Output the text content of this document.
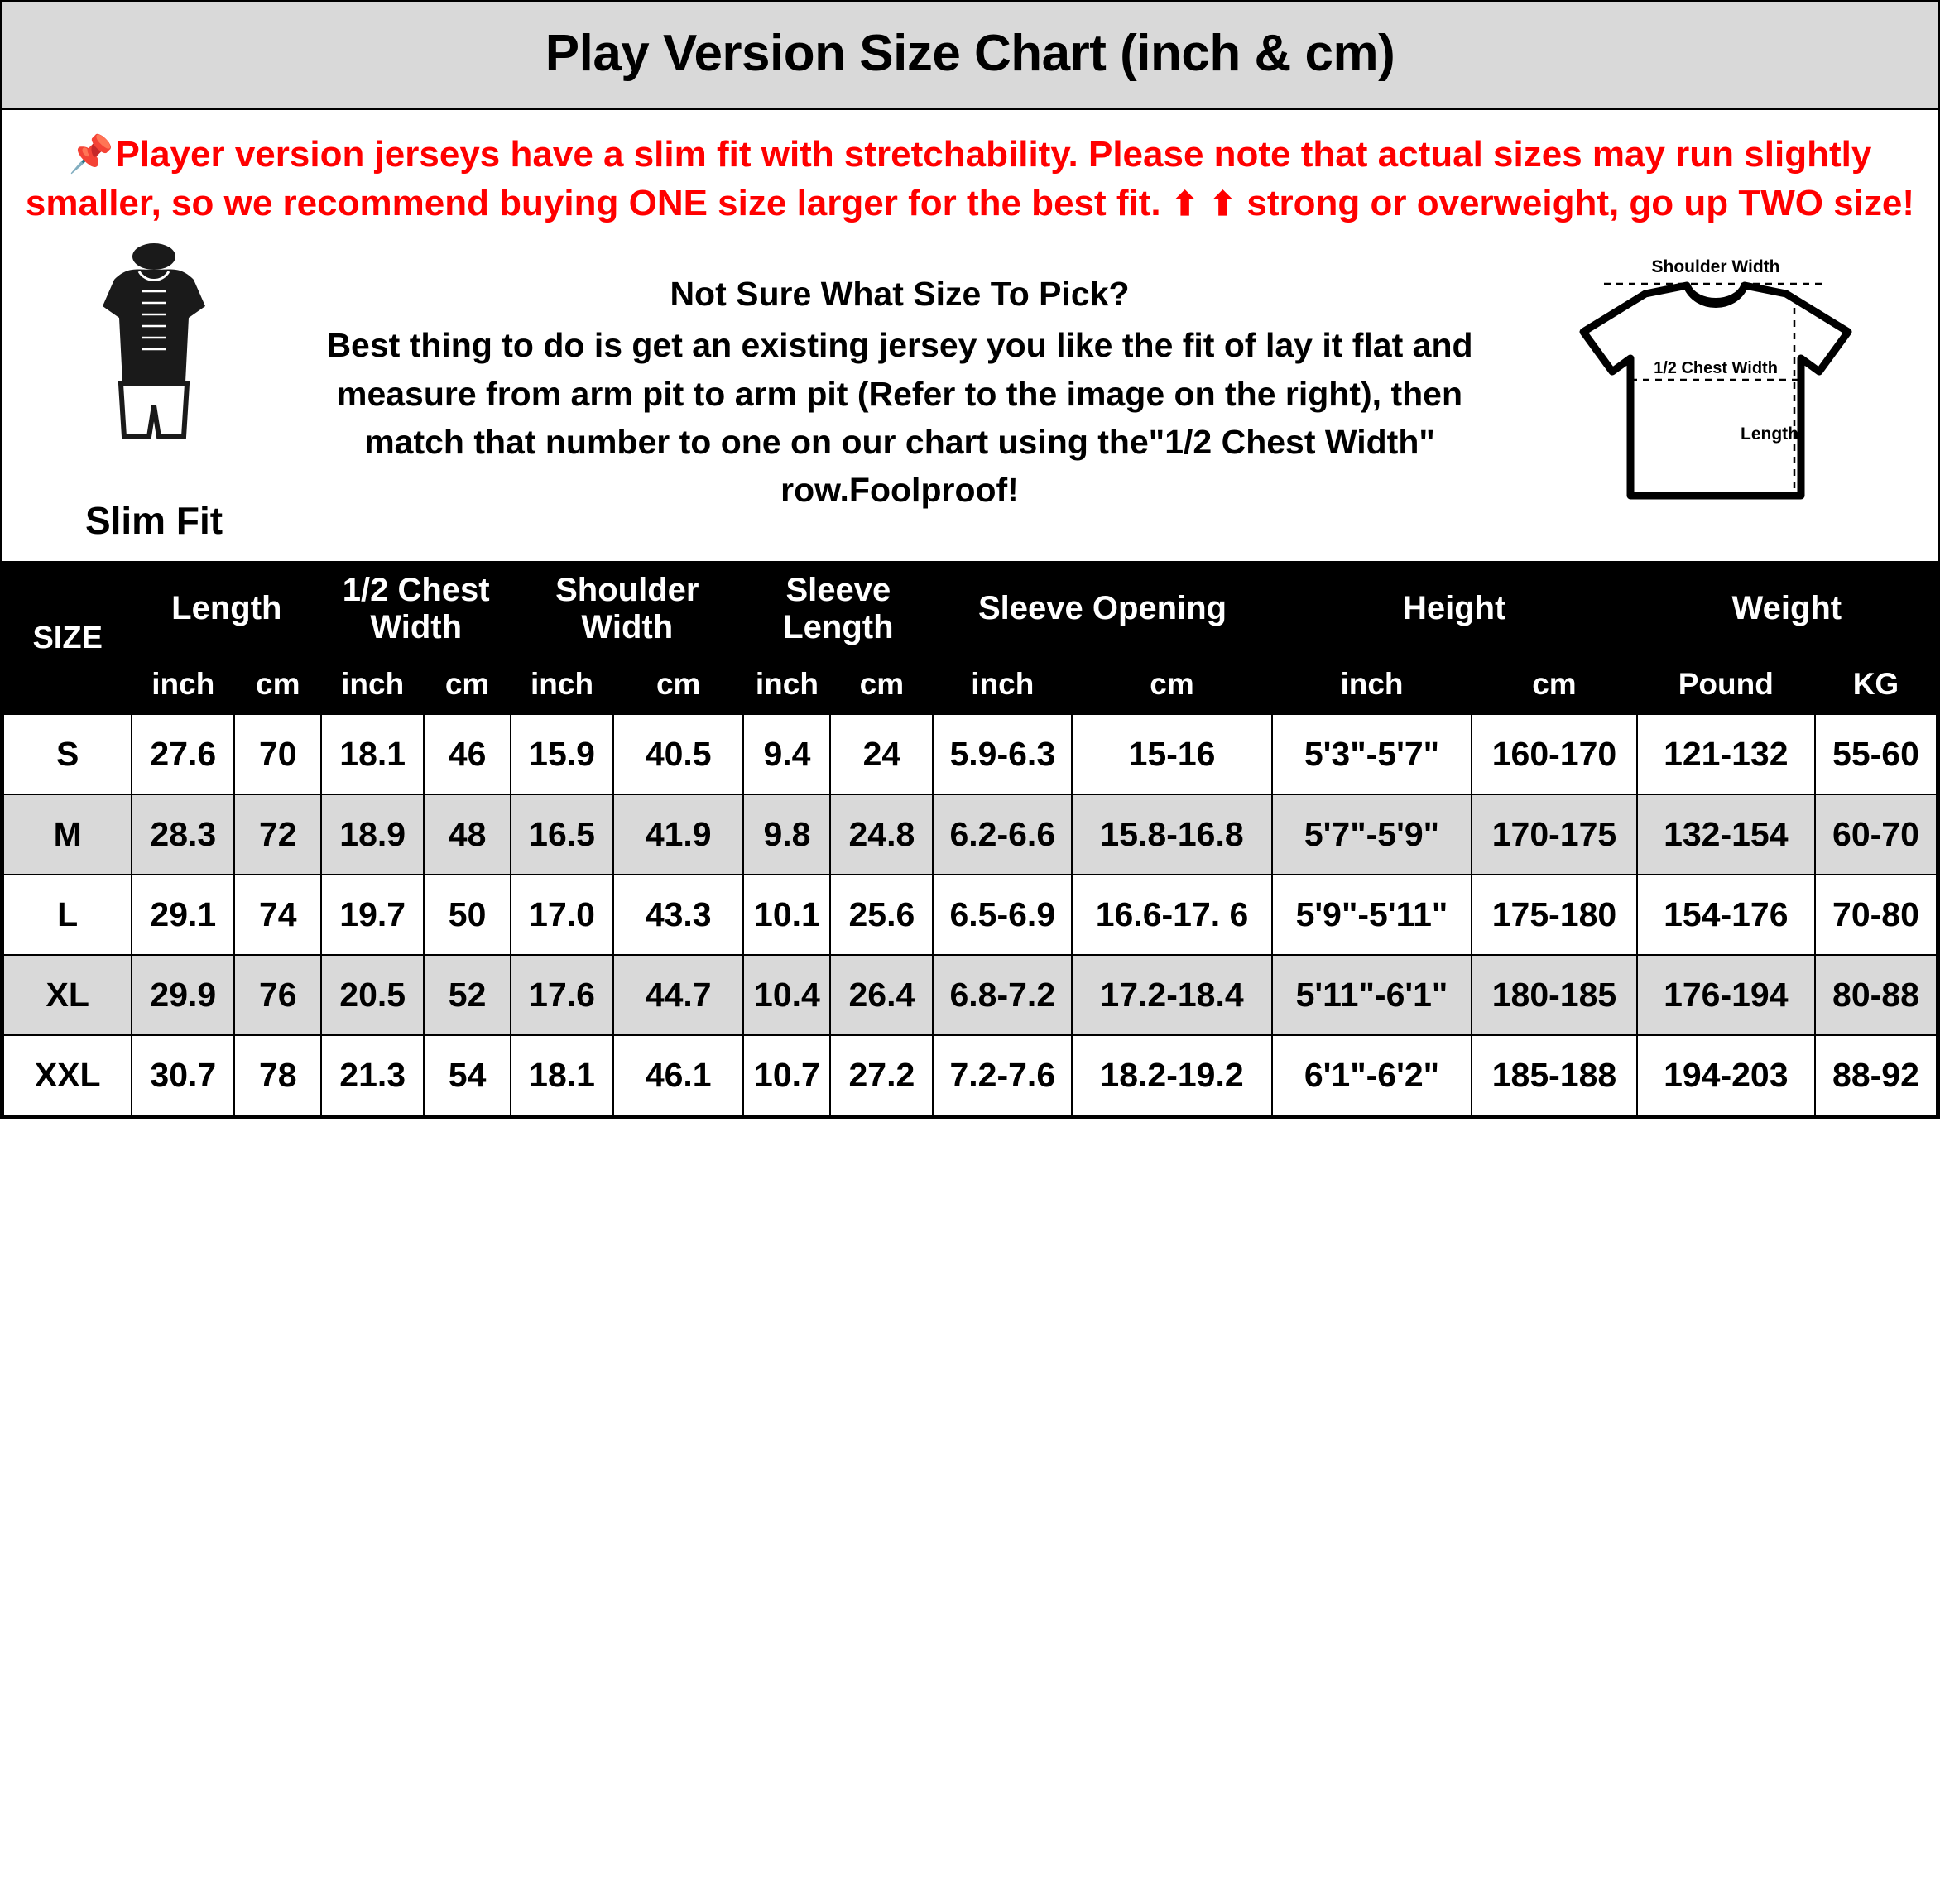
Play Version Size Chart (inch & cm)
📌Player version jerseys have a slim fit with stretchability. Please note that actual sizes may run slightly smaller, so we recommend buying ONE size larger for the best fit. ⬆ ⬆ strong or overweight, go up TWO size!
Slim Fit
Not Sure What Size To Pick?
Best thing to do is get an existing jersey you like the fit of lay it flat and measure from arm pit to arm pit (Refer to the image on the right), then match that number to one on our chart using the"1/2 Chest Width" row.Foolproof!
Shoulder Width
1/2 Chest Width
Length
SIZE	Length		1/2 Chest Width		Shoulder Width		Sleeve Length		Sleeve Opening		Height		Weight	
	inch	cm	inch	cm	inch	cm	inch	cm	inch	cm	inch	cm	Pound	KG
S	27.6	70	18.1	46	15.9	40.5	9.4	24	5.9-6.3	15-16	5'3"-5'7"	160-170	121-132	55-60
M	28.3	72	18.9	48	16.5	41.9	9.8	24.8	6.2-6.6	15.8-16.8	5'7"-5'9"	170-175	132-154	60-70
L	29.1	74	19.7	50	17.0	43.3	10.1	25.6	6.5-6.9	16.6-17. 6	5'9"-5'11"	175-180	154-176	70-80
XL	29.9	76	20.5	52	17.6	44.7	10.4	26.4	6.8-7.2	17.2-18.4	5'11"-6'1"	180-185	176-194	80-88
XXL	30.7	78	21.3	54	18.1	46.1	10.7	27.2	7.2-7.6	18.2-19.2	6'1"-6'2"	185-188	194-203	88-92
